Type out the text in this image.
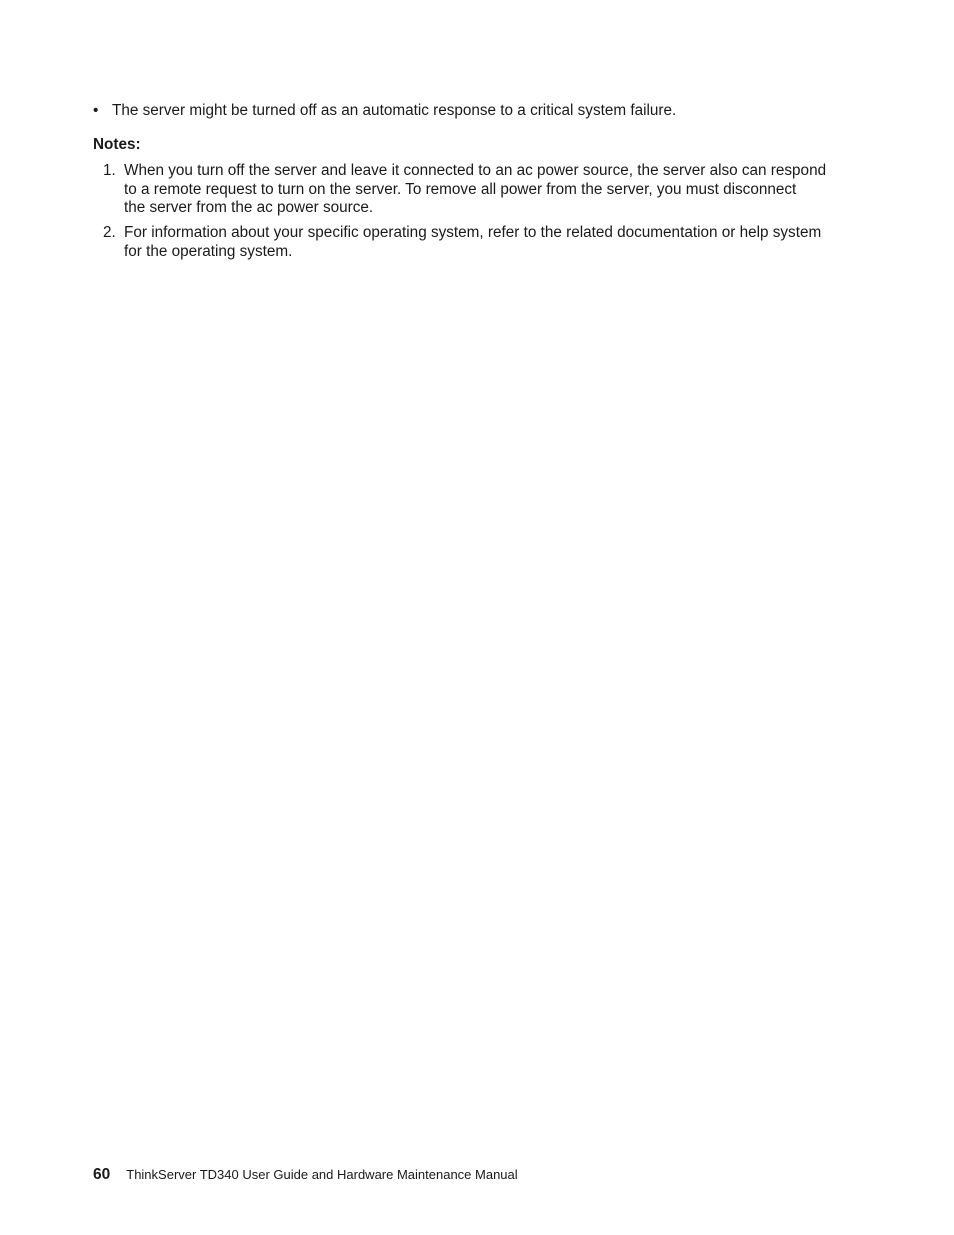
• The server might be turned off as an automatic response to a critical system failure.
Notes:
1. When you turn off the server and leave it connected to an ac power source, the server also can respond
to a remote request to turn on the server. To remove all power from the server, you must disconnect
the server from the ac power source.
2. For information about your specific operating system, refer to the related documentation or help system
for the operating system.
60 ThinkServer TD340 User Guide and Hardware Maintenance Manual
